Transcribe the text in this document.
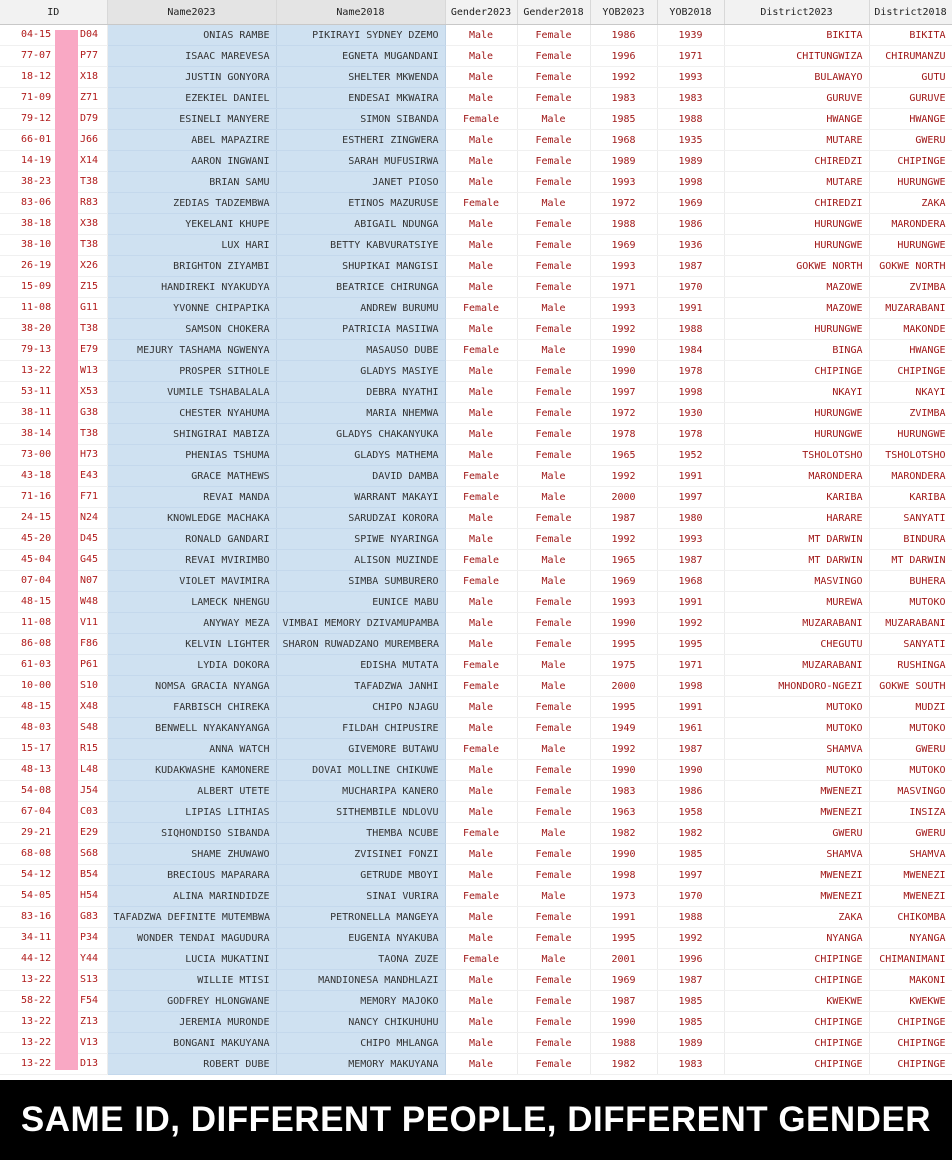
ID	Name2023	Name2018	Gender2023	Gender2018	YOB2023	YOB2018	District2023	District2018

04-15 D04	ONIAS RAMBE	PIKIRAYI SYDNEY DZEMO	Male	Female	1986	1939	BIKITA	BIKITA

77-07 P77	ISAAC MAREVESA	EGNETA MUGANDANI	Male	Female	1996	1971	CHITUNGWIZA	CHIRUMANZU

18-12 X18	JUSTIN GONYORA	SHELTER MKWENDA	Male	Female	1992	1993	BULAWAYO	GUTU

71-09 Z71	EZEKIEL DANIEL	ENDESAI MKWAIRA	Male	Female	1983	1983	GURUVE	GURUVE

79-12 D79	ESINELI MANYERE	SIMON SIBANDA	Female	Male	1985	1988	HWANGE	HWANGE

66-01 J66	ABEL MAPAZIRE	ESTHERI ZINGWERA	Male	Female	1968	1935	MUTARE	GWERU

14-19 X14	AARON INGWANI	SARAH MUFUSIRWA	Male	Female	1989	1989	CHIREDZI	CHIPINGE

38-23 T38	BRIAN SAMU	JANET PIOSO	Male	Female	1993	1998	MUTARE	HURUNGWE

83-06 R83	ZEDIAS TADZEMBWA	ETINOS MAZURUSE	Female	Male	1972	1969	CHIREDZI	ZAKA

38-18 X38	YEKELANI KHUPE	ABIGAIL NDUNGA	Male	Female	1988	1986	HURUNGWE	MARONDERA

38-10 T38	LUX HARI	BETTY KABVURATSIYE	Male	Female	1969	1936	HURUNGWE	HURUNGWE

26-19 X26	BRIGHTON ZIYAMBI	SHUPIKAI MANGISI	Male	Female	1993	1987	GOKWE NORTH	GOKWE NORTH

15-09 Z15	HANDIREKI NYAKUDYA	BEATRICE CHIRUNGA	Male	Female	1971	1970	MAZOWE	ZVIMBA

11-08 G11	YVONNE CHIPAPIKA	ANDREW BURUMU	Female	Male	1993	1991	MAZOWE	MUZARABANI

38-20 T38	SAMSON CHOKERA	PATRICIA MASIIWA	Male	Female	1992	1988	HURUNGWE	MAKONDE

79-13 E79	MEJURY TASHAMA NGWENYA	MASAUSO DUBE	Female	Male	1990	1984	BINGA	HWANGE

13-22 W13	PROSPER SITHOLE	GLADYS MASIYE	Male	Female	1990	1978	CHIPINGE	CHIPINGE

53-11 X53	VUMILE TSHABALALA	DEBRA NYATHI	Male	Female	1997	1998	NKAYI	NKAYI

38-11 G38	CHESTER NYAHUMA	MARIA NHEMWA	Male	Female	1972	1930	HURUNGWE	ZVIMBA

38-14 T38	SHINGIRAI MABIZA	GLADYS CHAKANYUKA	Male	Female	1978	1978	HURUNGWE	HURUNGWE

73-00 H73	PHENIAS TSHUMA	GLADYS MATHEMA	Male	Female	1965	1952	TSHOLOTSHO	TSHOLOTSHO

43-18 E43	GRACE MATHEWS	DAVID DAMBA	Female	Male	1992	1991	MARONDERA	MARONDERA

71-16 F71	REVAI MANDA	WARRANT MAKAYI	Female	Male	2000	1997	KARIBA	KARIBA

24-15 N24	KNOWLEDGE MACHAKA	SARUDZAI KORORA	Male	Female	1987	1980	HARARE	SANYATI

45-20 D45	RONALD GANDARI	SPIWE NYARINGA	Male	Female	1992	1993	MT DARWIN	BINDURA

45-04 G45	REVAI MVIRIMBO	ALISON MUZINDE	Female	Male	1965	1987	MT DARWIN	MT DARWIN

07-04 N07	VIOLET MAVIMIRA	SIMBA SUMBURERO	Female	Male	1969	1968	MASVINGO	BUHERA

48-15 W48	LAMECK NHENGU	EUNICE MABU	Male	Female	1993	1991	MUREWA	MUTOKO

11-08 V11	ANYWAY MEZA	VIMBAI MEMORY DZIVAMUPAMBA	Male	Female	1990	1992	MUZARABANI	MUZARABANI

86-08 F86	KELVIN LIGHTER	SHARON RUWADZANO MUREMBERA	Male	Female	1995	1995	CHEGUTU	SANYATI

61-03 P61	LYDIA DOKORA	EDISHA MUTATA	Female	Male	1975	1971	MUZARABANI	RUSHINGA

10-00 S10	NOMSA GRACIA NYANGA	TAFADZWA JANHI	Female	Male	2000	1998	MHONDORO-NGEZI	GOKWE SOUTH

48-15 X48	FARBISCH CHIREKA	CHIPO NJAGU	Male	Female	1995	1991	MUTOKO	MUDZI

48-03 S48	BENWELL NYAKANYANGA	FILDAH CHIPUSIRE	Male	Female	1949	1961	MUTOKO	MUTOKO

15-17 R15	ANNA WATCH	GIVEMORE BUTAWU	Female	Male	1992	1987	SHAMVA	GWERU

48-13 L48	KUDAKWASHE KAMONERE	DOVAI MOLLINE CHIKUWE	Male	Female	1990	1990	MUTOKO	MUTOKO

54-08 J54	ALBERT UTETE	MUCHARIPA KANERO	Male	Female	1983	1986	MWENEZI	MASVINGO

67-04 C03	LIPIAS LITHIAS	SITHEMBILE NDLOVU	Male	Female	1963	1958	MWENEZI	INSIZA

29-21 E29	SIQHONDISO SIBANDA	THEMBA NCUBE	Female	Male	1982	1982	GWERU	GWERU

68-08 S68	SHAME ZHUWAWO	ZVISINEI FONZI	Male	Female	1990	1985	SHAMVA	SHAMVA

54-12 B54	BRECIOUS MAPARARA	GETRUDE MBOYI	Male	Female	1998	1997	MWENEZI	MWENEZI

54-05 H54	ALINA MARINDIDZE	SINAI VURIRA	Female	Male	1973	1970	MWENEZI	MWENEZI

83-16 G83	TAFADZWA DEFINITE MUTEMBWA	PETRONELLA MANGEYA	Male	Female	1991	1988	ZAKA	CHIKOMBA

34-11 P34	WONDER TENDAI MAGUDURA	EUGENIA NYAKUBA	Male	Female	1995	1992	NYANGA	NYANGA

44-12 Y44	LUCIA MUKATINI	TAONA ZUZE	Female	Male	2001	1996	CHIPINGE	CHIMANIMANI

13-22 S13	WILLIE MTISI	MANDIONESA MANDHLAZI	Male	Female	1969	1987	CHIPINGE	MAKONI

58-22 F54	GODFREY HLONGWANE	MEMORY MAJOKO	Male	Female	1987	1985	KWEKWE	KWEKWE

13-22 Z13	JEREMIA MURONDE	NANCY CHIKUHUHU	Male	Female	1990	1985	CHIPINGE	CHIPINGE

13-22 V13	BONGANI MAKUYANA	CHIPO MHLANGA	Male	Female	1988	1989	CHIPINGE	CHIPINGE

13-22 D13	ROBERT DUBE	MEMORY MAKUYANA	Male	Female	1982	1983	CHIPINGE	CHIPINGE
SAME ID, DIFFERENT PEOPLE, DIFFERENT GENDER
